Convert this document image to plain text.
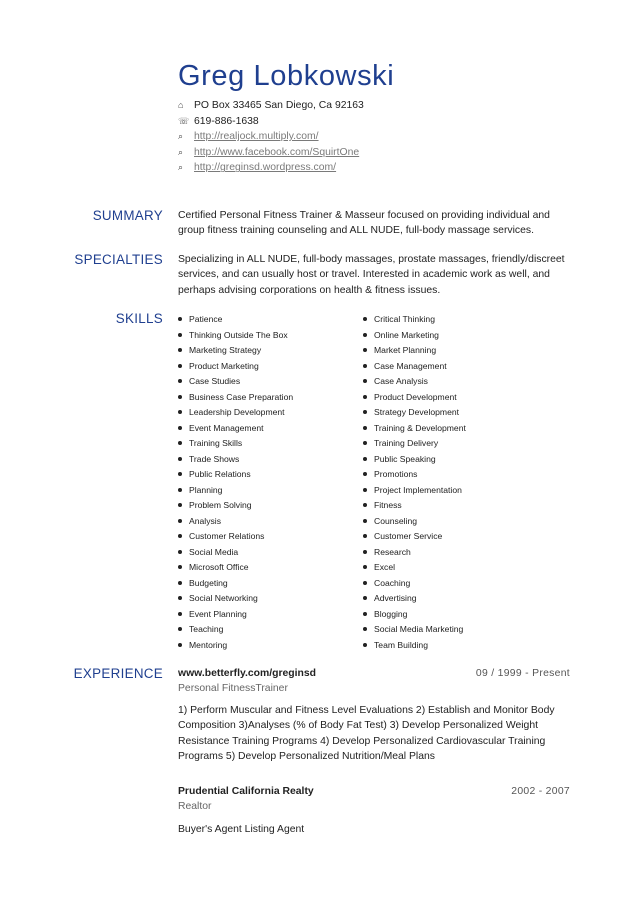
Greg Lobkowski
⌂	PO Box 33465 San Diego, Ca 92163
☏ 619-886-1638
⌕	http://realjock.multiply.com/
⌕	http://www.facebook.com/SquirtOne
⌕	http://greginsd.wordpress.com/
SUMMARY Certified Personal Fitness Trainer & Masseur focused on providing individual and group fitness training counseling and ALL NUDE, full-body massage services.
SPECIALTIES Specializing in ALL NUDE, full-body massages, prostate massages, friendly/discreet services, and can usually host or travel. Interested in academic work as well, and perhaps advising corporations on health & fitness issues.
SKILLS	Patience
Thinking Outside The Box
Marketing Strategy
Product Marketing
Case Studies
Business Case Preparation
Leadership Development
Event Management
Training Skills
Trade Shows
Public Relations
Planning
Problem Solving
Analysis
Customer Relations
Social Media
Microsoft Office
Budgeting
Social Networking
Event Planning
Teaching
Mentoring
Critical Thinking
Online Marketing
Market Planning
Case Management
Case Analysis
Product Development
Strategy Development
Training & Development
Training Delivery
Public Speaking
Promotions
Project Implementation
Fitness
Counseling
Customer Service
Research
Excel
Coaching
Advertising
Blogging
Social Media Marketing
Team Building
EXPERIENCE www.betterfly.com/greginsd	09 / 1999 - Present
Personal FitnessTrainer
1) Perform Muscular and Fitness Level Evaluations 2) Establish and Monitor Body Composition 3)Analyses (% of Body Fat Test) 3) Develop Personalized Weight Resistance Training Programs 4) Develop Personalized Cardiovascular Training Programs 5) Develop Personalized Nutrition/Meal Plans
Prudential California Realty	2002 - 2007
Realtor
Buyer's Agent Listing Agent
